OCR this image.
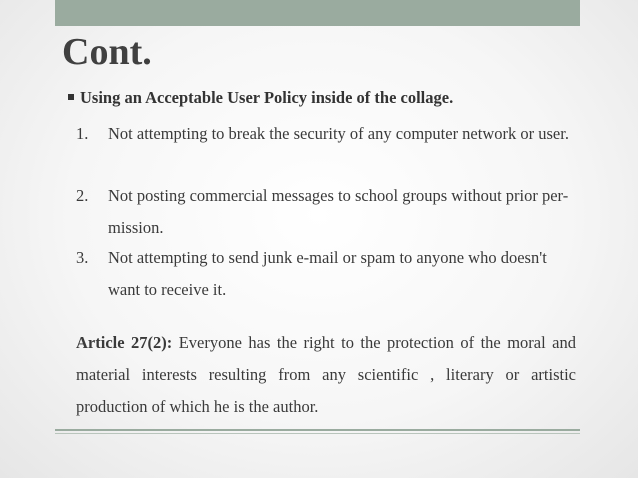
Cont.
Using an Acceptable User Policy inside of the collage.
1. Not attempting to break the security of any computer network or user.
2. Not posting commercial messages to school groups without prior per- mission.
3. Not attempting to send junk e-mail or spam to anyone who doesn't want to receive it.
Article 27(2): Everyone has the right to the protection of the moral and material interests resulting from any scientific , literary or artistic production of which he is the author.
